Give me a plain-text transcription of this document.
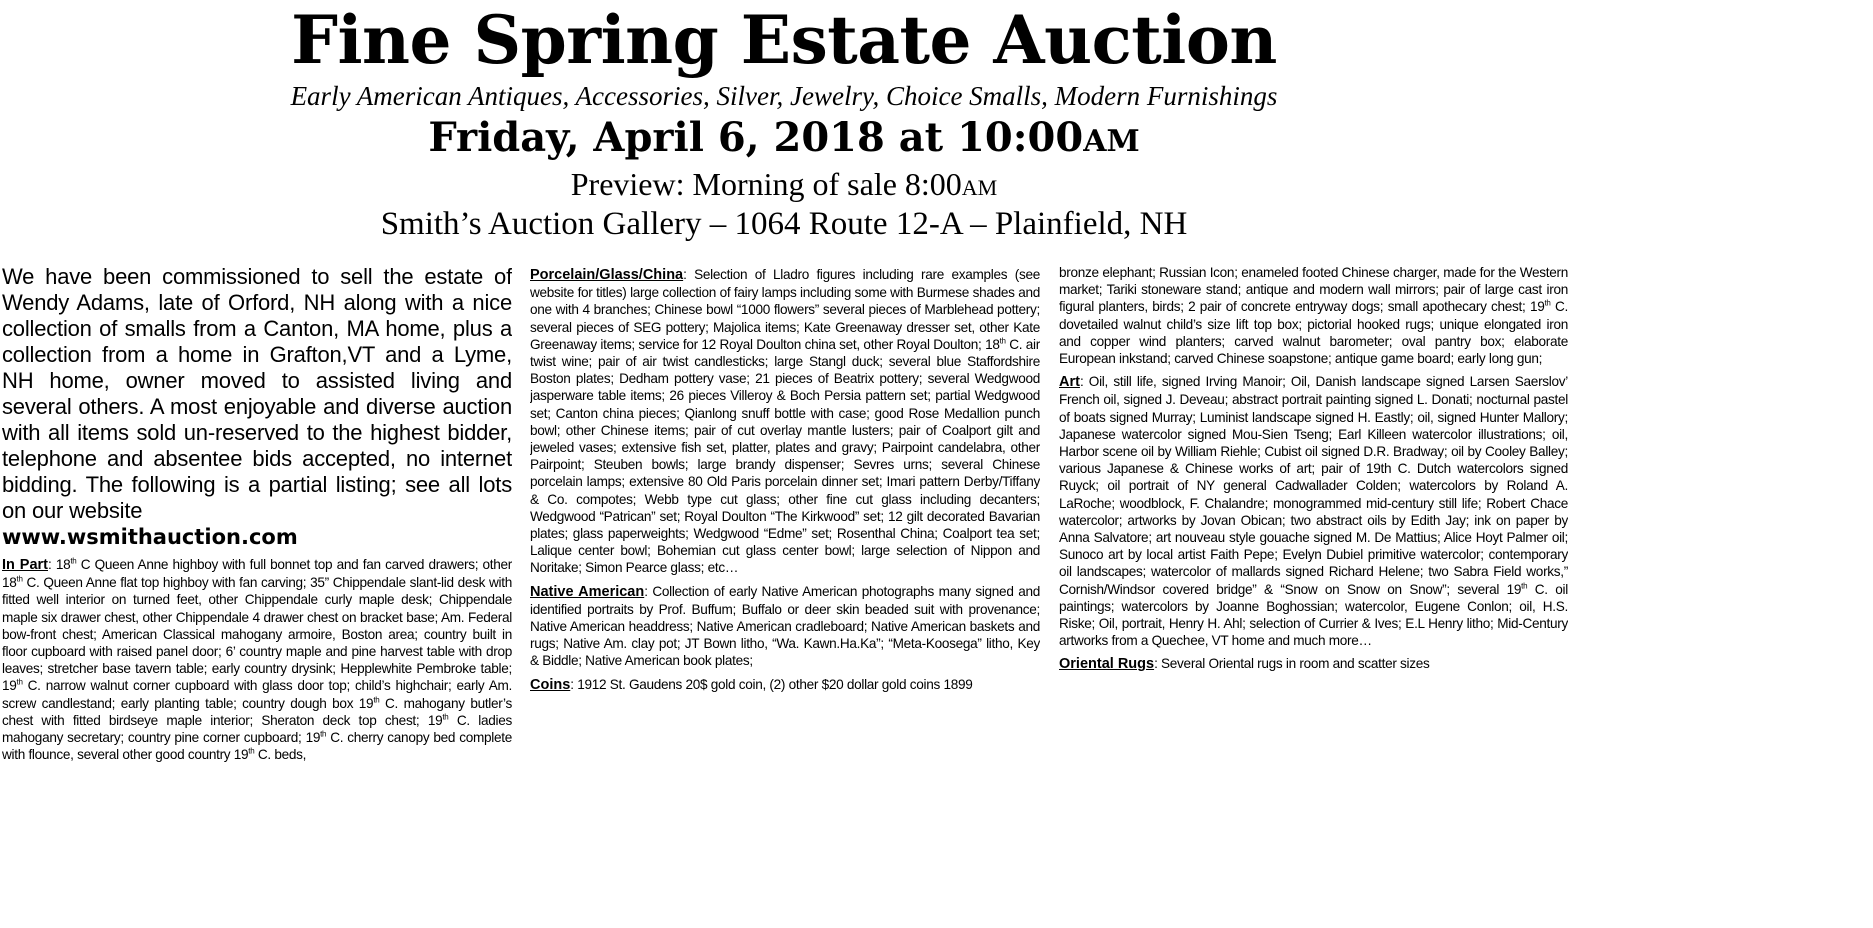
Fine Spring Estate Auction
Early American Antiques, Accessories, Silver, Jewelry, Choice Smalls, Modern Furnishings
Friday, April 6, 2018 at 10:00AM
Preview: Morning of sale 8:00AM
Smith’s Auction Gallery – 1064 Route 12-A – Plainfield, NH

We have been commissioned to sell the estate of Wendy Adams, late of Orford, NH along with a nice collection of smalls from a Canton, MA home, plus a collection from a home in Grafton,VT and a Lyme, NH home, owner moved to assisted living and several others. A most enjoyable and diverse auction with all items sold un-reserved to the highest bidder, telephone and absentee bids accepted, no internet bidding. The following is a partial listing; see all lots on our website

www.wsmithauction.com

In Part: 18th C Queen Anne highboy with full bonnet top and fan carved drawers; other 18th C. Queen Anne flat top highboy with fan carving; 35” Chippendale slant-lid desk with fitted well interior on turned feet, other Chippendale curly maple desk; Chippendale maple six drawer chest, other Chippendale 4 drawer chest on bracket base; Am. Federal bow-front chest; American Classical mahogany armoire, Boston area; country built in floor cupboard with raised panel door; 6’ country maple and pine harvest table with drop leaves; stretcher base tavern table; early country drysink; Hepplewhite Pembroke table; 19th C. narrow walnut corner cupboard with glass door top; child’s highchair; early Am. screw candlestand; early planting table; country dough box 19th C. mahogany butler’s chest with fitted birdseye maple interior; Sheraton deck top chest; 19th C. ladies mahogany secretary; country pine corner cupboard; 19th C. cherry canopy bed complete with flounce, several other good country 19th C. beds,

Porcelain/Glass/China: Selection of Lladro figures including rare examples (see website for titles) large collection of fairy lamps including some with Burmese shades and one with 4 branches; Chinese bowl “1000 flowers” several pieces of Marblehead pottery; several pieces of SEG pottery; Majolica items; Kate Greenaway dresser set, other Kate Greenaway items; service for 12 Royal Doulton china set, other Royal Doulton; 18th C. air twist wine; pair of air twist candlesticks; large Stangl duck; several blue Staffordshire Boston plates; Dedham pottery vase; 21 pieces of Beatrix pottery; several Wedgwood jasperware table items; 26 pieces Villeroy & Boch Persia pattern set; partial Wedgwood set; Canton china pieces; Qianlong snuff bottle with case; good Rose Medallion punch bowl; other Chinese items; pair of cut overlay mantle lusters; pair of Coalport gilt and jeweled vases; extensive fish set, platter, plates and gravy; Pairpoint candelabra, other Pairpoint; Steuben bowls; large brandy dispenser; Sevres urns; several Chinese porcelain lamps; extensive 80 Old Paris porcelain dinner set; Imari pattern Derby/Tiffany & Co. compotes; Webb type cut glass; other fine cut glass including decanters; Wedgwood “Patrican” set; Royal Doulton “The Kirkwood” set; 12 gilt decorated Bavarian plates; glass paperweights; Wedgwood “Edme” set; Rosenthal China; Coalport tea set; Lalique center bowl; Bohemian cut glass center bowl; large selection of Nippon and Noritake; Simon Pearce glass; etc…

Native American: Collection of early Native American photographs many signed and identified portraits by Prof. Buffum; Buffalo or deer skin beaded suit with provenance; Native American headdress; Native American cradleboard; Native American baskets and rugs; Native Am. clay pot; JT Bown litho, “Wa. Kawn.Ha.Ka”; “Meta-Koosega” litho, Key & Biddle; Native American book plates;

Coins: 1912 St. Gaudens 20$ gold coin, (2) other $20 dollar gold coins 1899

bronze elephant; Russian Icon; enameled footed Chinese charger, made for the Western market; Tariki stoneware stand; antique and modern wall mirrors; pair of large cast iron figural planters, birds; 2 pair of concrete entryway dogs; small apothecary chest; 19th C. dovetailed walnut child’s size lift top box; pictorial hooked rugs; unique elongated iron and copper wind planters; carved walnut barometer; oval pantry box; elaborate European inkstand; carved Chinese soapstone; antique game board; early long gun;

Art: Oil, still life, signed Irving Manoir; Oil, Danish landscape signed Larsen Saerslov’ French oil, signed J. Deveau; abstract portrait painting signed L. Donati; nocturnal pastel of boats signed Murray; Luminist landscape signed H. Eastly; oil, signed Hunter Mallory; Japanese watercolor signed Mou-Sien Tseng; Earl Killeen watercolor illustrations; oil, Harbor scene oil by William Riehle; Cubist oil signed D.R. Bradway; oil by Cooley Balley; various Japanese & Chinese works of art; pair of 19th C. Dutch watercolors signed Ruyck; oil portrait of NY general Cadwallader Colden; watercolors by Roland A. LaRoche; woodblock, F. Chalandre; monogrammed mid-century still life; Robert Chace watercolor; artworks by Jovan Obican; two abstract oils by Edith Jay; ink on paper by Anna Salvatore; art nouveau style gouache signed M. De Mattius; Alice Hoyt Palmer oil; Sunoco art by local artist Faith Pepe; Evelyn Dubiel primitive watercolor; contemporary oil landscapes; watercolor of mallards signed Richard Helene; two Sabra Field works,” Cornish/Windsor covered bridge” & “Snow on Snow on Snow”; several 19th C. oil paintings; watercolors by Joanne Boghossian; watercolor, Eugene Conlon; oil, H.S. Riske; Oil, portrait, Henry H. Ahl; selection of Currier & Ives; E.L Henry litho; Mid-Century artworks from a Quechee, VT home and much more…

Oriental Rugs: Several Oriental rugs in room and scatter sizes
